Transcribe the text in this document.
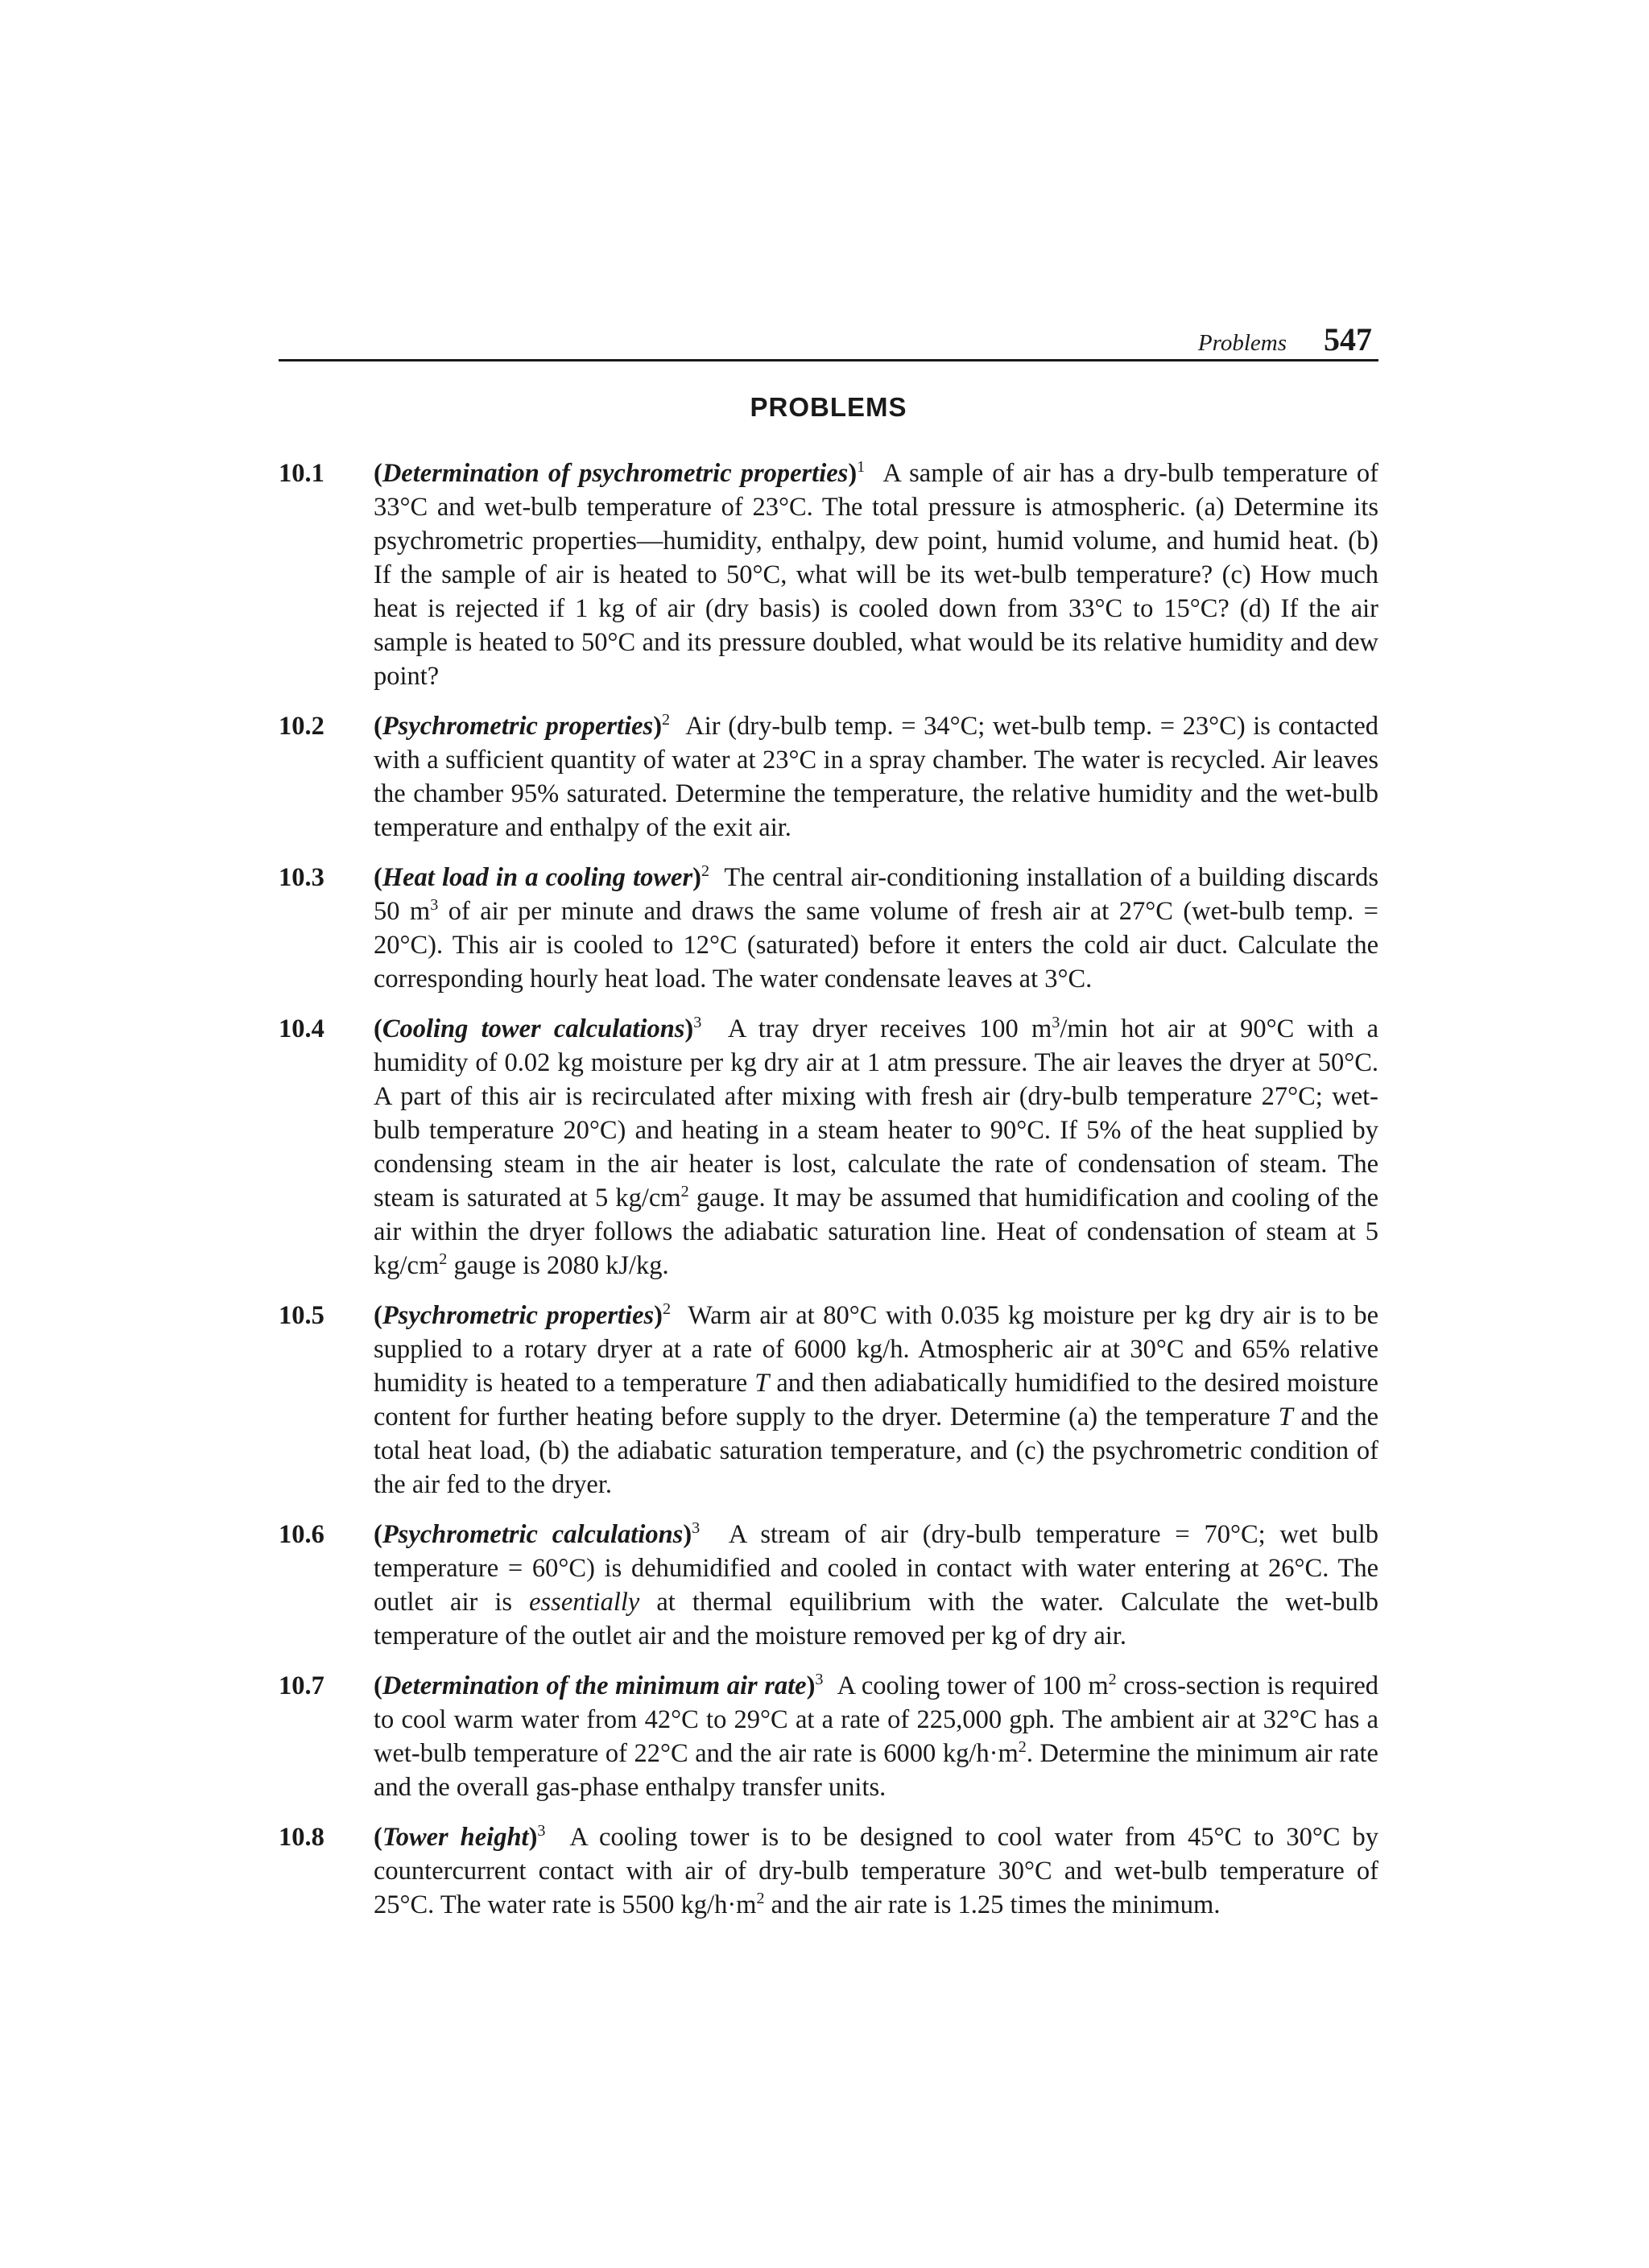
Problems 547
PROBLEMS
10.1	(Determination of psychrometric properties)$^1$ A sample of air has a dry-bulb temperature of 33°C and wet-bulb temperature of 23°C. The total pressure is atmospheric. (a) Determine its psychrometric properties—humidity, enthalpy, dew point, humid volume, and humid heat. (b) If the sample of air is heated to 50°C, what will be its wet-bulb temperature? (c) How much heat is rejected if 1 kg of air (dry basis) is cooled down from 33°C to 15°C? (d) If the air sample is heated to 50°C and its pressure doubled, what would be its relative humidity and dew point?
10.2	(Psychrometric properties)$^2$ Air (dry-bulb temp. = 34°C; wet-bulb temp. = 23°C) is contacted with a sufficient quantity of water at 23°C in a spray chamber. The water is recycled. Air leaves the chamber 95% saturated. Determine the temperature, the relative humidity and the wet-bulb temperature and enthalpy of the exit air.
10.3	(Heat load in a cooling tower)$^2$ The central air-conditioning installation of a building discards 50 $m^3$ of air per minute and draws the same volume of fresh air at 27°C (wet-bulb temp. = 20°C). This air is cooled to 12°C (saturated) before it enters the cold air duct. Calculate the corresponding hourly heat load. The water condensate leaves at 3°C.
10.4	(Cooling tower calculations)$^3$ A tray dryer receives 100 $m^3/\min$ hot air at 90°C with a humidity of 0.02 kg moisture per kg dry air at 1 atm pressure. The air leaves the dryer at 50°C. A part of this air is recirculated after mixing with fresh air (dry-bulb temperature 27°C; wet-bulb temperature 20°C) and heating in a steam heater to 90°C. If 5% of the heat supplied by condensing steam in the air heater is lost, calculate the rate of condensation of steam. The steam is saturated at 5 $kg/cm^2$ gauge. It may be assumed that humidification and cooling of the air within the dryer follows the adiabatic saturation line. Heat of condensation of steam at 5 $kg/cm^2$ gauge is 2080 kJ/kg.
10.5	(Psychrometric properties)$^2$ Warm air at 80°C with 0.035 kg moisture per kg dry air is to be supplied to a rotary dryer at a rate of 6000 kg/h. Atmospheric air at 30°C and 65% relative humidity is heated to a temperature T and then adiabatically humidified to the desired moisture content for further heating before supply to the dryer. Determine (a) the temperature T and the total heat load, (b) the adiabatic saturation temperature, and (c) the psychrometric condition of the air fed to the dryer.
10.6	(Psychrometric calculations)$^3$ A stream of air (dry-bulb temperature = 70°C; wet bulb temperature = 60°C) is dehumidified and cooled in contact with water entering at 26°C. The outlet air is essentially at thermal equilibrium with the water. Calculate the wet-bulb temperature of the outlet air and the moisture removed per kg of dry air.
10.7	(Determination of the minimum air rate)$^3$ A cooling tower of 100 $m^2$ cross-section is required to cool warm water from 42°C to 29°C at a rate of 225,000 gph. The ambient air at 32°C has a wet-bulb temperature of 22°C and the air rate is 6000 $kg/h\cdot m^2$. Determine the minimum air rate and the overall gas-phase enthalpy transfer units.
10.8	(Tower height)$^3$ A cooling tower is to be designed to cool water from 45°C to 30°C by countercurrent contact with air of dry-bulb temperature 30°C and wet-bulb temperature of 25°C. The water rate is 5500 $kg/h\cdot m^2$ and the air rate is 1.25 times the minimum.
